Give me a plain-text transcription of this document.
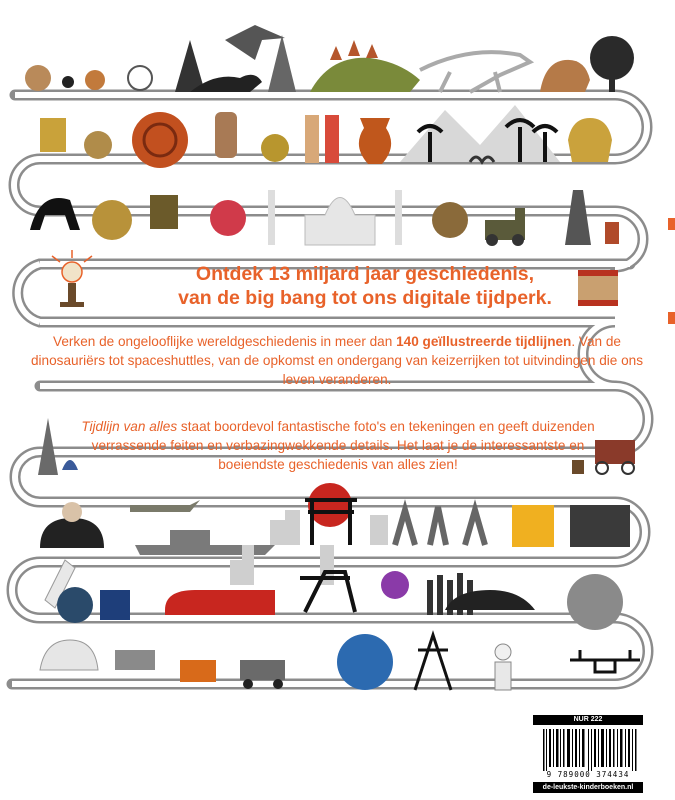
Ontdek 13 miljard jaar geschiedenis,
van de big bang tot ons digitale tijdperk.
Verken de ongelooflijke wereldgeschiedenis in meer dan 140 geïllustreerde tijdlijnen. Van de dinosauriërs tot spaceshuttles, van de opkomst en ondergang van keizerrijken tot uitvindingen die ons leven veranderen.
Tijdlijn van alles staat boordevol fantastische foto's en tekeningen en geeft duizenden verrassende feiten en verbazingwekkende details. Het laat je de interessantste en boeiendste geschiedenis van alles zien!
NUR 222
9 789000 374434
de-leukste-kinderboeken.nl
